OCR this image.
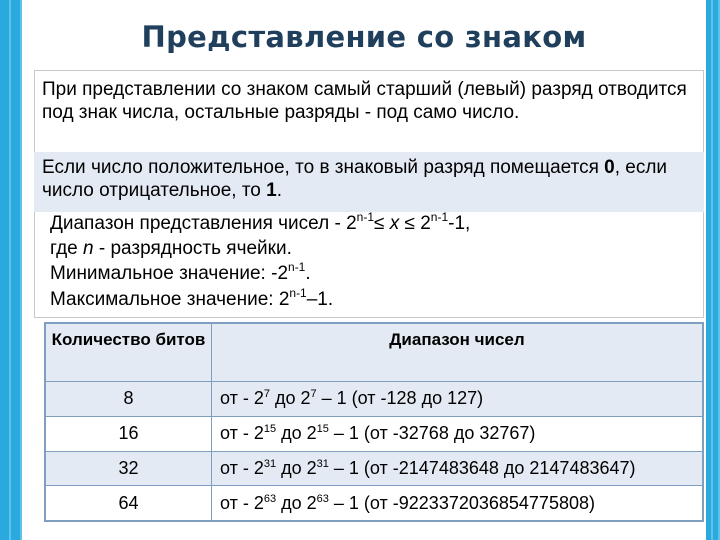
Представление со знаком
При представлении со знаком самый старший (левый) разряд отводится под знак числа, остальные разряды - под само число.
Если число положительное, то в знаковый разряд помещается 0, если число отрицательное, то 1.
Диапазон представления чисел - $2^{n-1}\le x \le 2^{n-1}-1$,
где n - разрядность ячейки.
Минимальное значение: -2$^{n-1}$.
Максимальное значение: 2$^{n-1}$–1.
Количество битов	Диапазон чисел
8	от - $2^7$ до $2^7 - 1$ (от -128 до 127)
16	от - $2^{15}$ до $2^{15} - 1$ (от -32768 до 32767)
32	от - $2^{31}$ до $2^{31} - 1$ (от -2147483648 до 2147483647)
64	от - $2^{63}$ до $2^{63} - 1$ (от -9223372036854775808)
